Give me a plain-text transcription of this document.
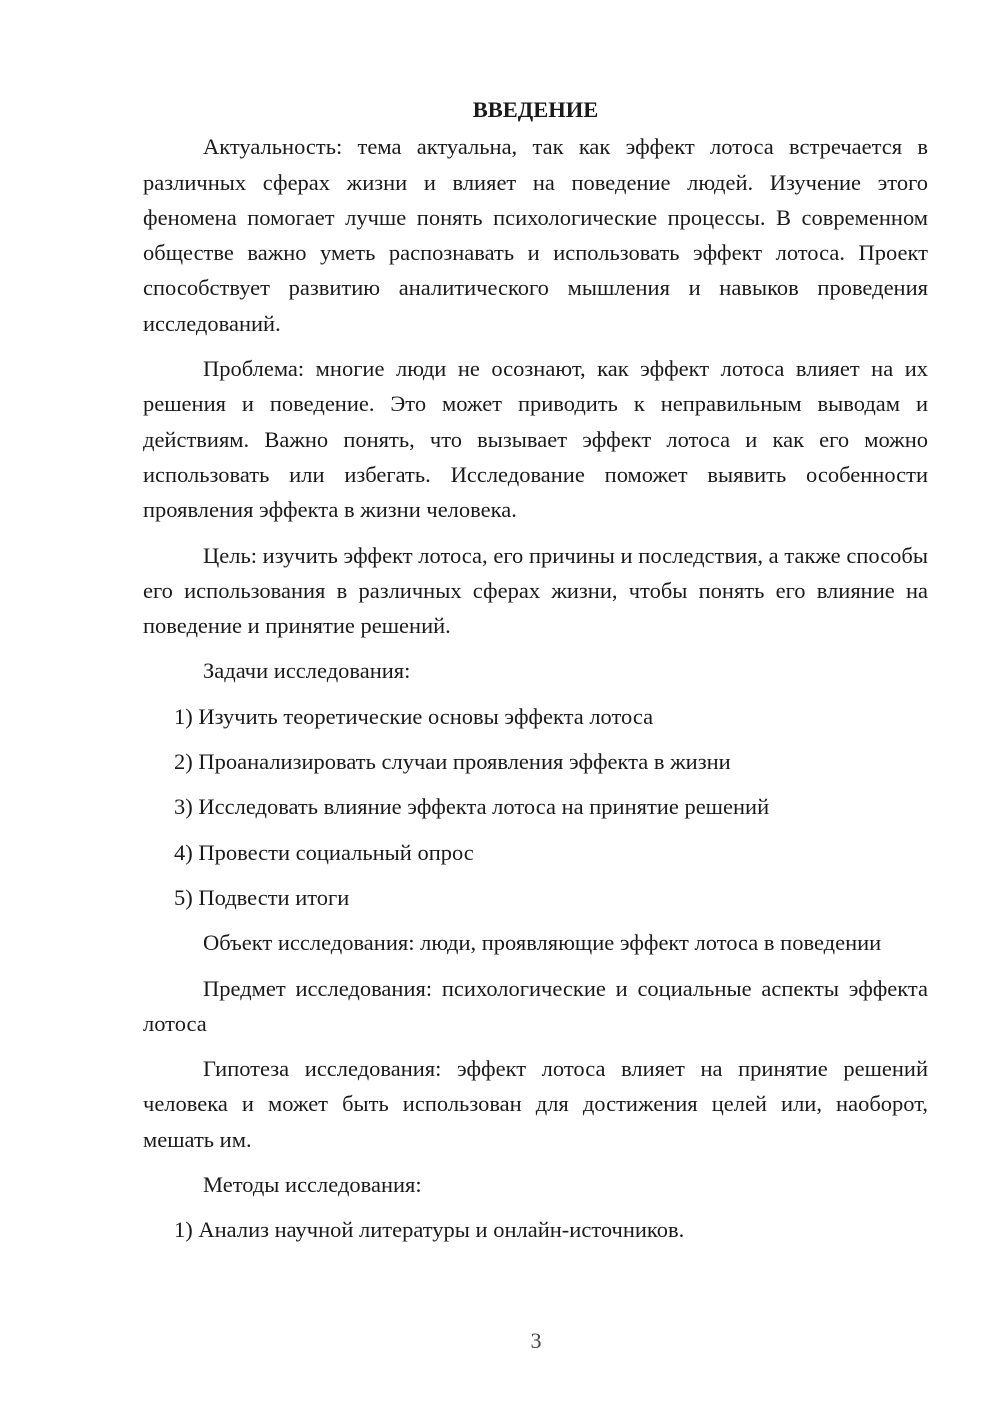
ВВЕДЕНИЕ

Актуальность: тема актуальна, так как эффект лотоса встречается в различных сферах жизни и влияет на поведение людей. Изучение этого феномена помогает лучше понять психологические процессы. В современном обществе важно уметь распознавать и использовать эффект лотоса. Проект способствует развитию аналитического мышления и навыков проведения исследований.

Проблема: многие люди не осознают, как эффект лотоса влияет на их решения и поведение. Это может приводить к неправильным выводам и действиям. Важно понять, что вызывает эффект лотоса и как его можно использовать или избегать. Исследование поможет выявить особенности проявления эффекта в жизни человека.

Цель: изучить эффект лотоса, его причины и последствия, а также способы его использования в различных сферах жизни, чтобы понять его влияние на поведение и принятие решений.

Задачи исследования:

1) Изучить теоретические основы эффекта лотоса

2) Проанализировать случаи проявления эффекта в жизни

3) Исследовать влияние эффекта лотоса на принятие решений

4) Провести социальный опрос

5) Подвести итоги

Объект исследования: люди, проявляющие эффект лотоса в поведении

Предмет исследования: психологические и социальные аспекты эффекта лотоса

Гипотеза исследования: эффект лотоса влияет на принятие решений человека и может быть использован для достижения целей или, наоборот, мешать им.

Методы исследования:

1) Анализ научной литературы и онлайн-источников.

3
